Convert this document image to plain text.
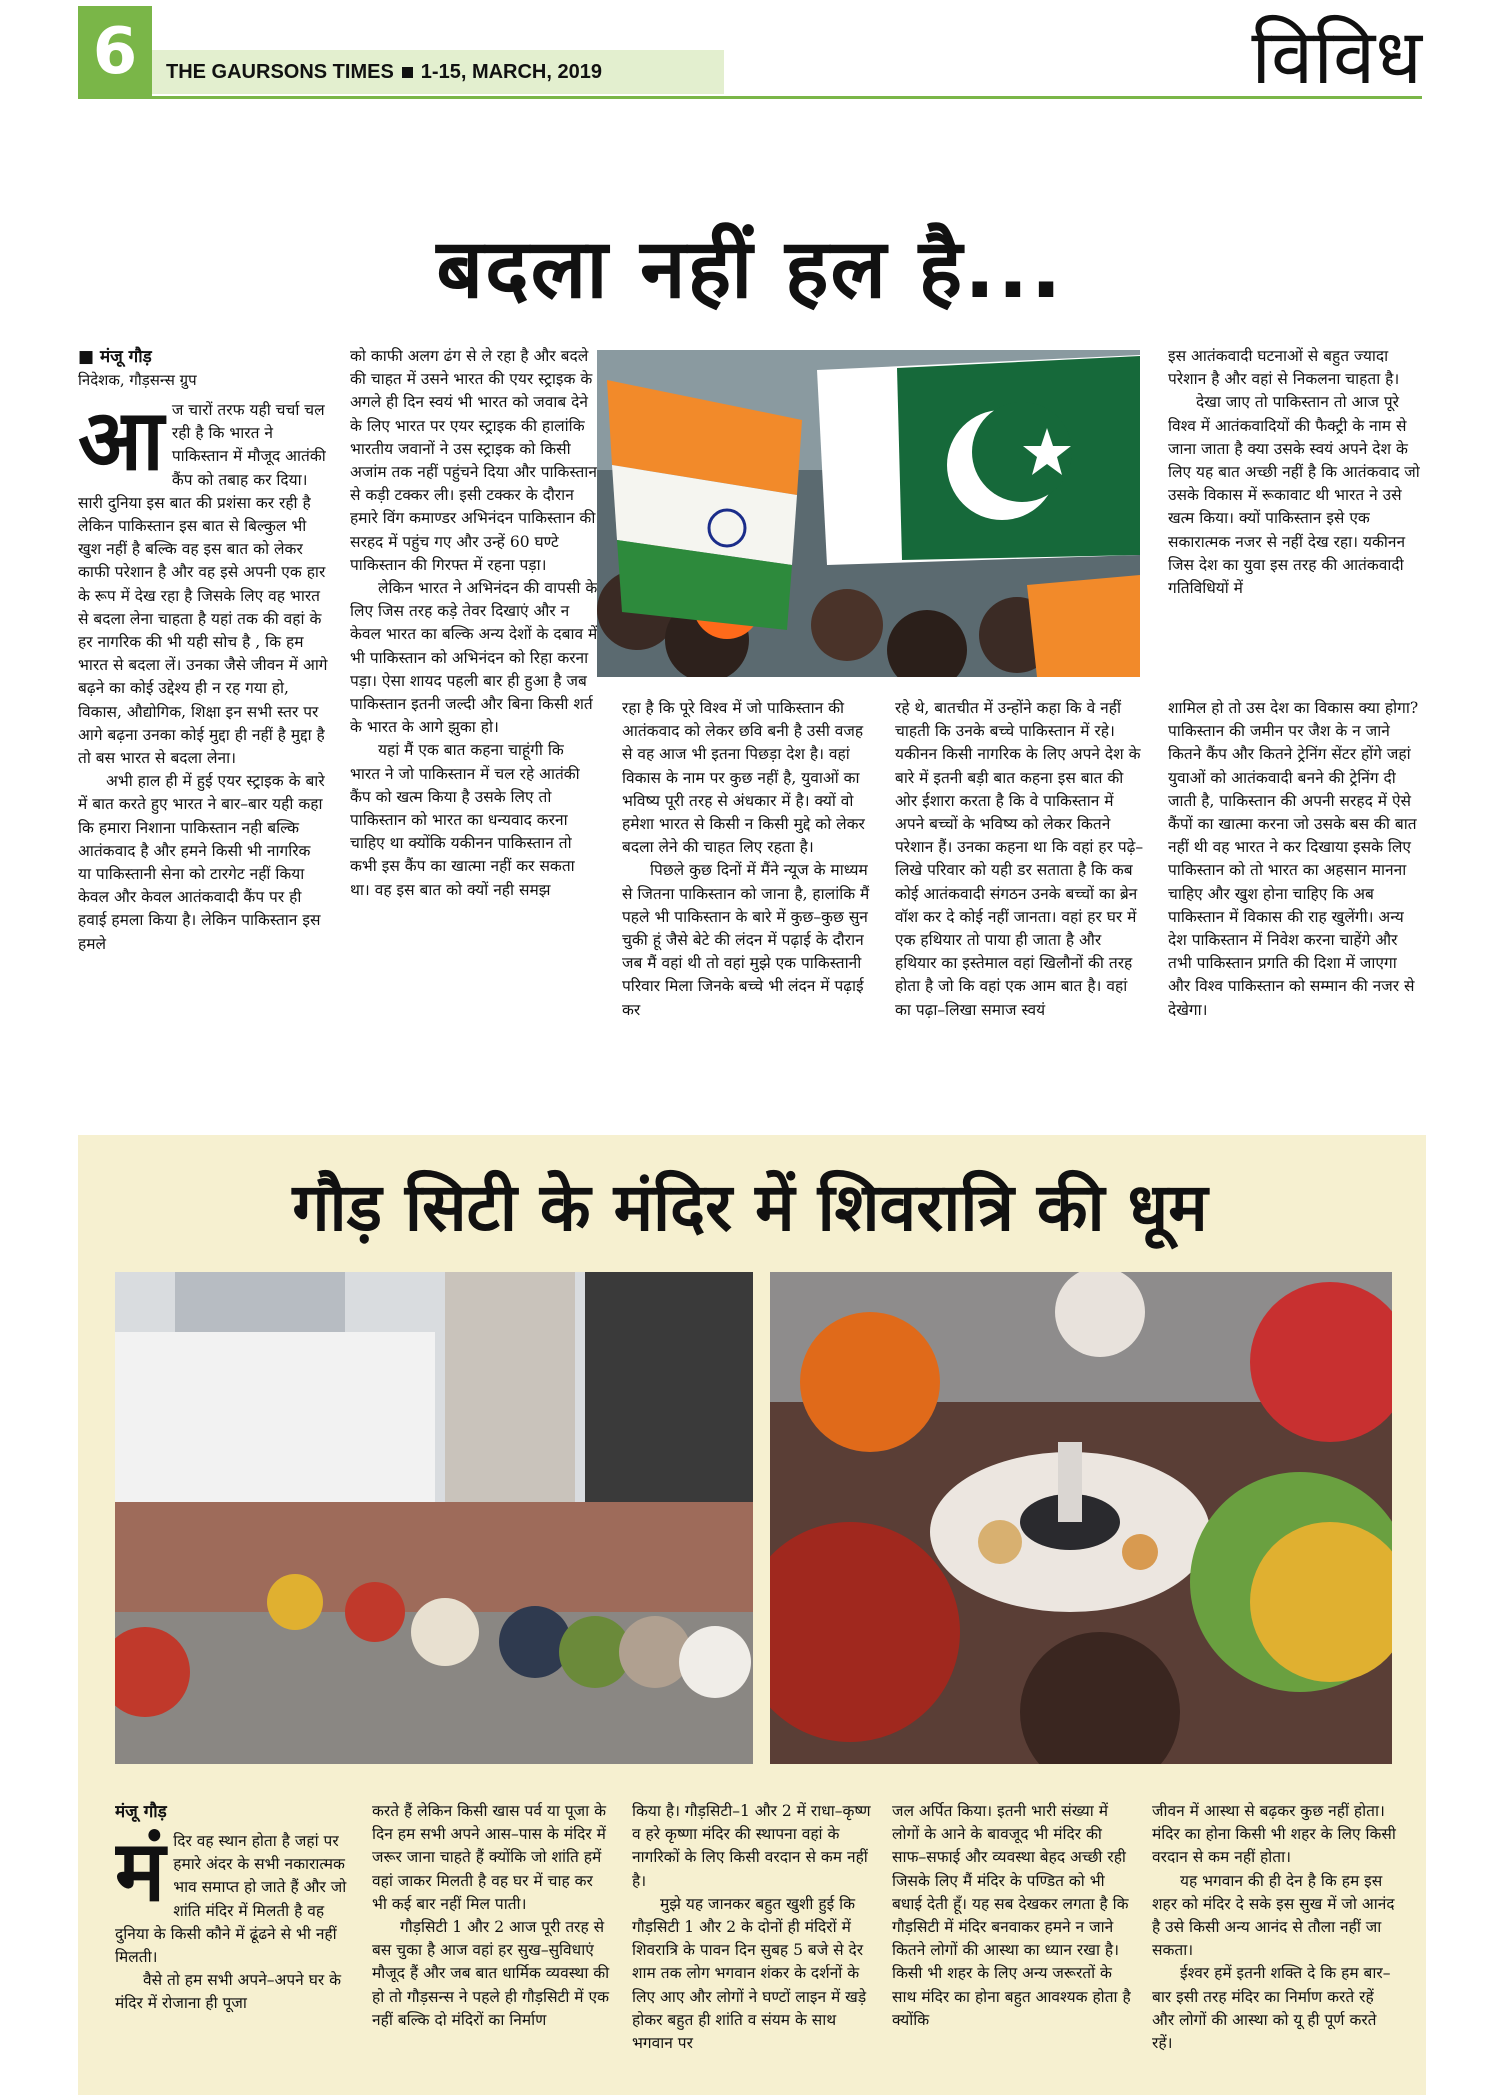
6	THE GAURSONS TIMES 1-15, MARCH, 2019	विविध
बदला नहीं हल है...
■ मंजू गौड़
निदेशक, गौड़सन्स ग्रुप

आज चारों तरफ यही चर्चा चल रही है कि भारत ने पाकिस्तान में मौजूद आतंकी कैंप को तबाह कर दिया। सारी दुनिया इस बात की प्रशंसा कर रही है लेकिन पाकिस्तान इस बात से बिल्कुल भी खुश नहीं है बल्कि वह इस बात को लेकर काफी परेशान है और वह इसे अपनी एक हार के रूप में देख रहा है जिसके लिए वह भारत से बदला लेना चाहता है यहां तक की वहां के हर नागरिक की भी यही सोच है , कि हम भारत से बदला लें। उनका जैसे जीवन में आगे बढ़ने का कोई उद्देश्य ही न रह गया हो, विकास, औद्योगिक, शिक्षा इन सभी स्तर पर आगे बढ़ना उनका कोई मुद्दा ही नहीं है मुद्दा है तो बस भारत से बदला लेना।

अभी हाल ही में हुई एयर स्ट्राइक के बारे में बात करते हुए भारत ने बार–बार यही कहा कि हमारा निशाना पाकिस्तान नही बल्कि आतंकवाद है और हमने किसी भी नागरिक या पाकिस्तानी सेना को टारगेट नहीं किया केवल और केवल आतंकवादी कैंप पर ही हवाई हमला किया है। लेकिन पाकिस्तान इस हमले

को काफी अलग ढंग से ले रहा है और बदले की चाहत में उसने भारत की एयर स्ट्राइक के अगले ही दिन स्वयं भी भारत को जवाब देने के लिए भारत पर एयर स्ट्राइक की हालांकि भारतीय जवानों ने उस स्ट्राइक को किसी अजांम तक नहीं पहुंचने दिया और पाकिस्तान से कड़ी टक्कर ली। इसी टक्कर के दौरान हमारे विंग कमाण्डर अभिनंदन पाकिस्तान की सरहद में पहुंच गए और उन्हें 60 घण्टे पाकिस्तान की गिरफ्त में रहना पड़ा।

लेकिन भारत ने अभिनंदन की वापसी के लिए जिस तरह कड़े तेवर दिखाएं और न केवल भारत का बल्कि अन्य देशों के दबाव में भी पाकिस्तान को अभिनंदन को रिहा करना पड़ा। ऐसा शायद पहली बार ही हुआ है जब पाकिस्तान इतनी जल्दी और बिना किसी शर्त के भारत के आगे झुका हो।

यहां मैं एक बात कहना चाहूंगी कि भारत ने जो पाकिस्तान में चल रहे आतंकी कैंप को खत्म किया है उसके लिए तो पाकिस्तान को भारत का धन्यवाद करना चाहिए था क्योंकि यकीनन पाकिस्तान तो कभी इस कैंप का खात्मा नहीं कर सकता था। वह इस बात को क्यों नही समझ

रहा है कि पूरे विश्व में जो पाकिस्तान की आतंकवाद को लेकर छवि बनी है उसी वजह से वह आज भी इतना पिछड़ा देश है। वहां विकास के नाम पर कुछ नहीं है, युवाओं का भविष्य पूरी तरह से अंधकार में है। क्यों वो हमेशा भारत से किसी न किसी मुद्दे को लेकर बदला लेने की चाहत लिए रहता है।

पिछले कुछ दिनों में मैंने न्यूज के माध्यम से जितना पाकिस्तान को जाना है, हालांकि मैं पहले भी पाकिस्तान के बारे में कुछ–कुछ सुन चुकी हूं जैसे बेटे की लंदन में पढ़ाई के दौरान जब मैं वहां थी तो वहां मुझे एक पाकिस्तानी परिवार मिला जिनके बच्चे भी लंदन में पढ़ाई कर

रहे थे, बातचीत में उन्होंने कहा कि वे नहीं चाहती कि उनके बच्चे पाकिस्तान में रहे। यकीनन किसी नागरिक के लिए अपने देश के बारे में इतनी बड़ी बात कहना इस बात की ओर ईशारा करता है कि वे पाकिस्तान में अपने बच्चों के भविष्य को लेकर कितने परेशान हैं। उनका कहना था कि वहां हर पढ़े–लिखे परिवार को यही डर सताता है कि कब कोई आतंकवादी संगठन उनके बच्चों का ब्रेन वॉश कर दे कोई नहीं जानता। वहां हर घर में एक हथियार तो पाया ही जाता है और हथियार का इस्तेमाल वहां खिलौनों की तरह होता है जो कि वहां एक आम बात है। वहां का पढ़ा–लिखा समाज स्वयं

इस आतंकवादी घटनाओं से बहुत ज्यादा परेशान है और वहां से निकलना चाहता है।

देखा जाए तो पाकिस्तान तो आज पूरे विश्व में आतंकवादियों की फैक्ट्री के नाम से जाना जाता है क्या उसके स्वयं अपने देश के लिए यह बात अच्छी नहीं है कि आतंकवाद जो उसके विकास में रूकावाट थी भारत ने उसे खत्म किया। क्यों पाकिस्तान इसे एक सकारात्मक नजर से नहीं देख रहा। यकीनन जिस देश का युवा इस तरह की आतंकवादी गतिविधियों में

शामिल हो तो उस देश का विकास क्या होगा? पाकिस्तान की जमीन पर जैश के न जाने कितने कैंप और कितने ट्रेनिंग सेंटर होंगे जहां युवाओं को आतंकवादी बनने की ट्रेनिंग दी जाती है, पाकिस्तान की अपनी सरहद में ऐसे कैंपों का खात्मा करना जो उसके बस की बात नहीं थी वह भारत ने कर दिखाया इसके लिए पाकिस्तान को तो भारत का अहसान मानना चाहिए और खुश होना चाहिए कि अब पाकिस्तान में विकास की राह खुलेंगी। अन्य देश पाकिस्तान में निवेश करना चाहेंगे और तभी पाकिस्तान प्रगति की दिशा में जाएगा और विश्व पाकिस्तान को सम्मान की नजर से देखेगा।

गौड़ सिटी के मंदिर में शिवरात्रि की धूम
मंजू गौड़

मंदिर वह स्थान होता है जहां पर हमारे अंदर के सभी नकारात्मक भाव समाप्त हो जाते हैं और जो शांति मंदिर में मिलती है वह दुनिया के किसी कौने में ढूंढने से भी नहीं मिलती।

वैसे तो हम सभी अपने–अपने घर के मंदिर में रोजाना ही पूजा

करते हैं लेकिन किसी खास पर्व या पूजा के दिन हम सभी अपने आस–पास के मंदिर में जरूर जाना चाहते हैं क्योंकि जो शांति हमें वहां जाकर मिलती है वह घर में चाह कर भी कई बार नहीं मिल पाती।

गौड़सिटी 1 और 2 आज पूरी तरह से बस चुका है आज वहां हर सुख–सुविधाएं मौजूद हैं और जब बात धार्मिक व्यवस्था की हो तो गौड़सन्स ने पहले ही गौड़सिटी में एक नहीं बल्कि दो मंदिरों का निर्माण

किया है। गौड़सिटी–1 और 2 में राधा–कृष्ण व हरे कृष्णा मंदिर की स्थापना वहां के नागरिकों के लिए किसी वरदान से कम नहीं है।

मुझे यह जानकर बहुत खुशी हुई कि गौड़सिटी 1 और 2 के दोनों ही मंदिरों में शिवरात्रि के पावन दिन सुबह 5 बजे से देर शाम तक लोग भगवान शंकर के दर्शनों के लिए आए और लोगों ने घण्टों लाइन में खड़े होकर बहुत ही शांति व संयम के साथ भगवान पर

जल अर्पित किया। इतनी भारी संख्या में लोगों के आने के बावजूद भी मंदिर की साफ–सफाई और व्यवस्था बेहद अच्छी रही जिसके लिए मैं मंदिर के पण्डित को भी बधाई देती हूँ। यह सब देखकर लगता है कि गौड़सिटी में मंदिर बनवाकर हमने न जाने कितने लोगों की आस्था का ध्यान रखा है। किसी भी शहर के लिए अन्य जरूरतों के साथ मंदिर का होना बहुत आवश्यक होता है क्योंकि

जीवन में आस्था से बढ़कर कुछ नहीं होता। मंदिर का होना किसी भी शहर के लिए किसी वरदान से कम नहीं होता।

यह भगवान की ही देन है कि हम इस शहर को मंदिर दे सके इस सुख में जो आनंद है उसे किसी अन्य आनंद से तौला नहीं जा सकता।

ईश्वर हमें इतनी शक्ति दे कि हम बार–बार इसी तरह मंदिर का निर्माण करते रहें और लोगों की आस्था को यू ही पूर्ण करते रहें।
